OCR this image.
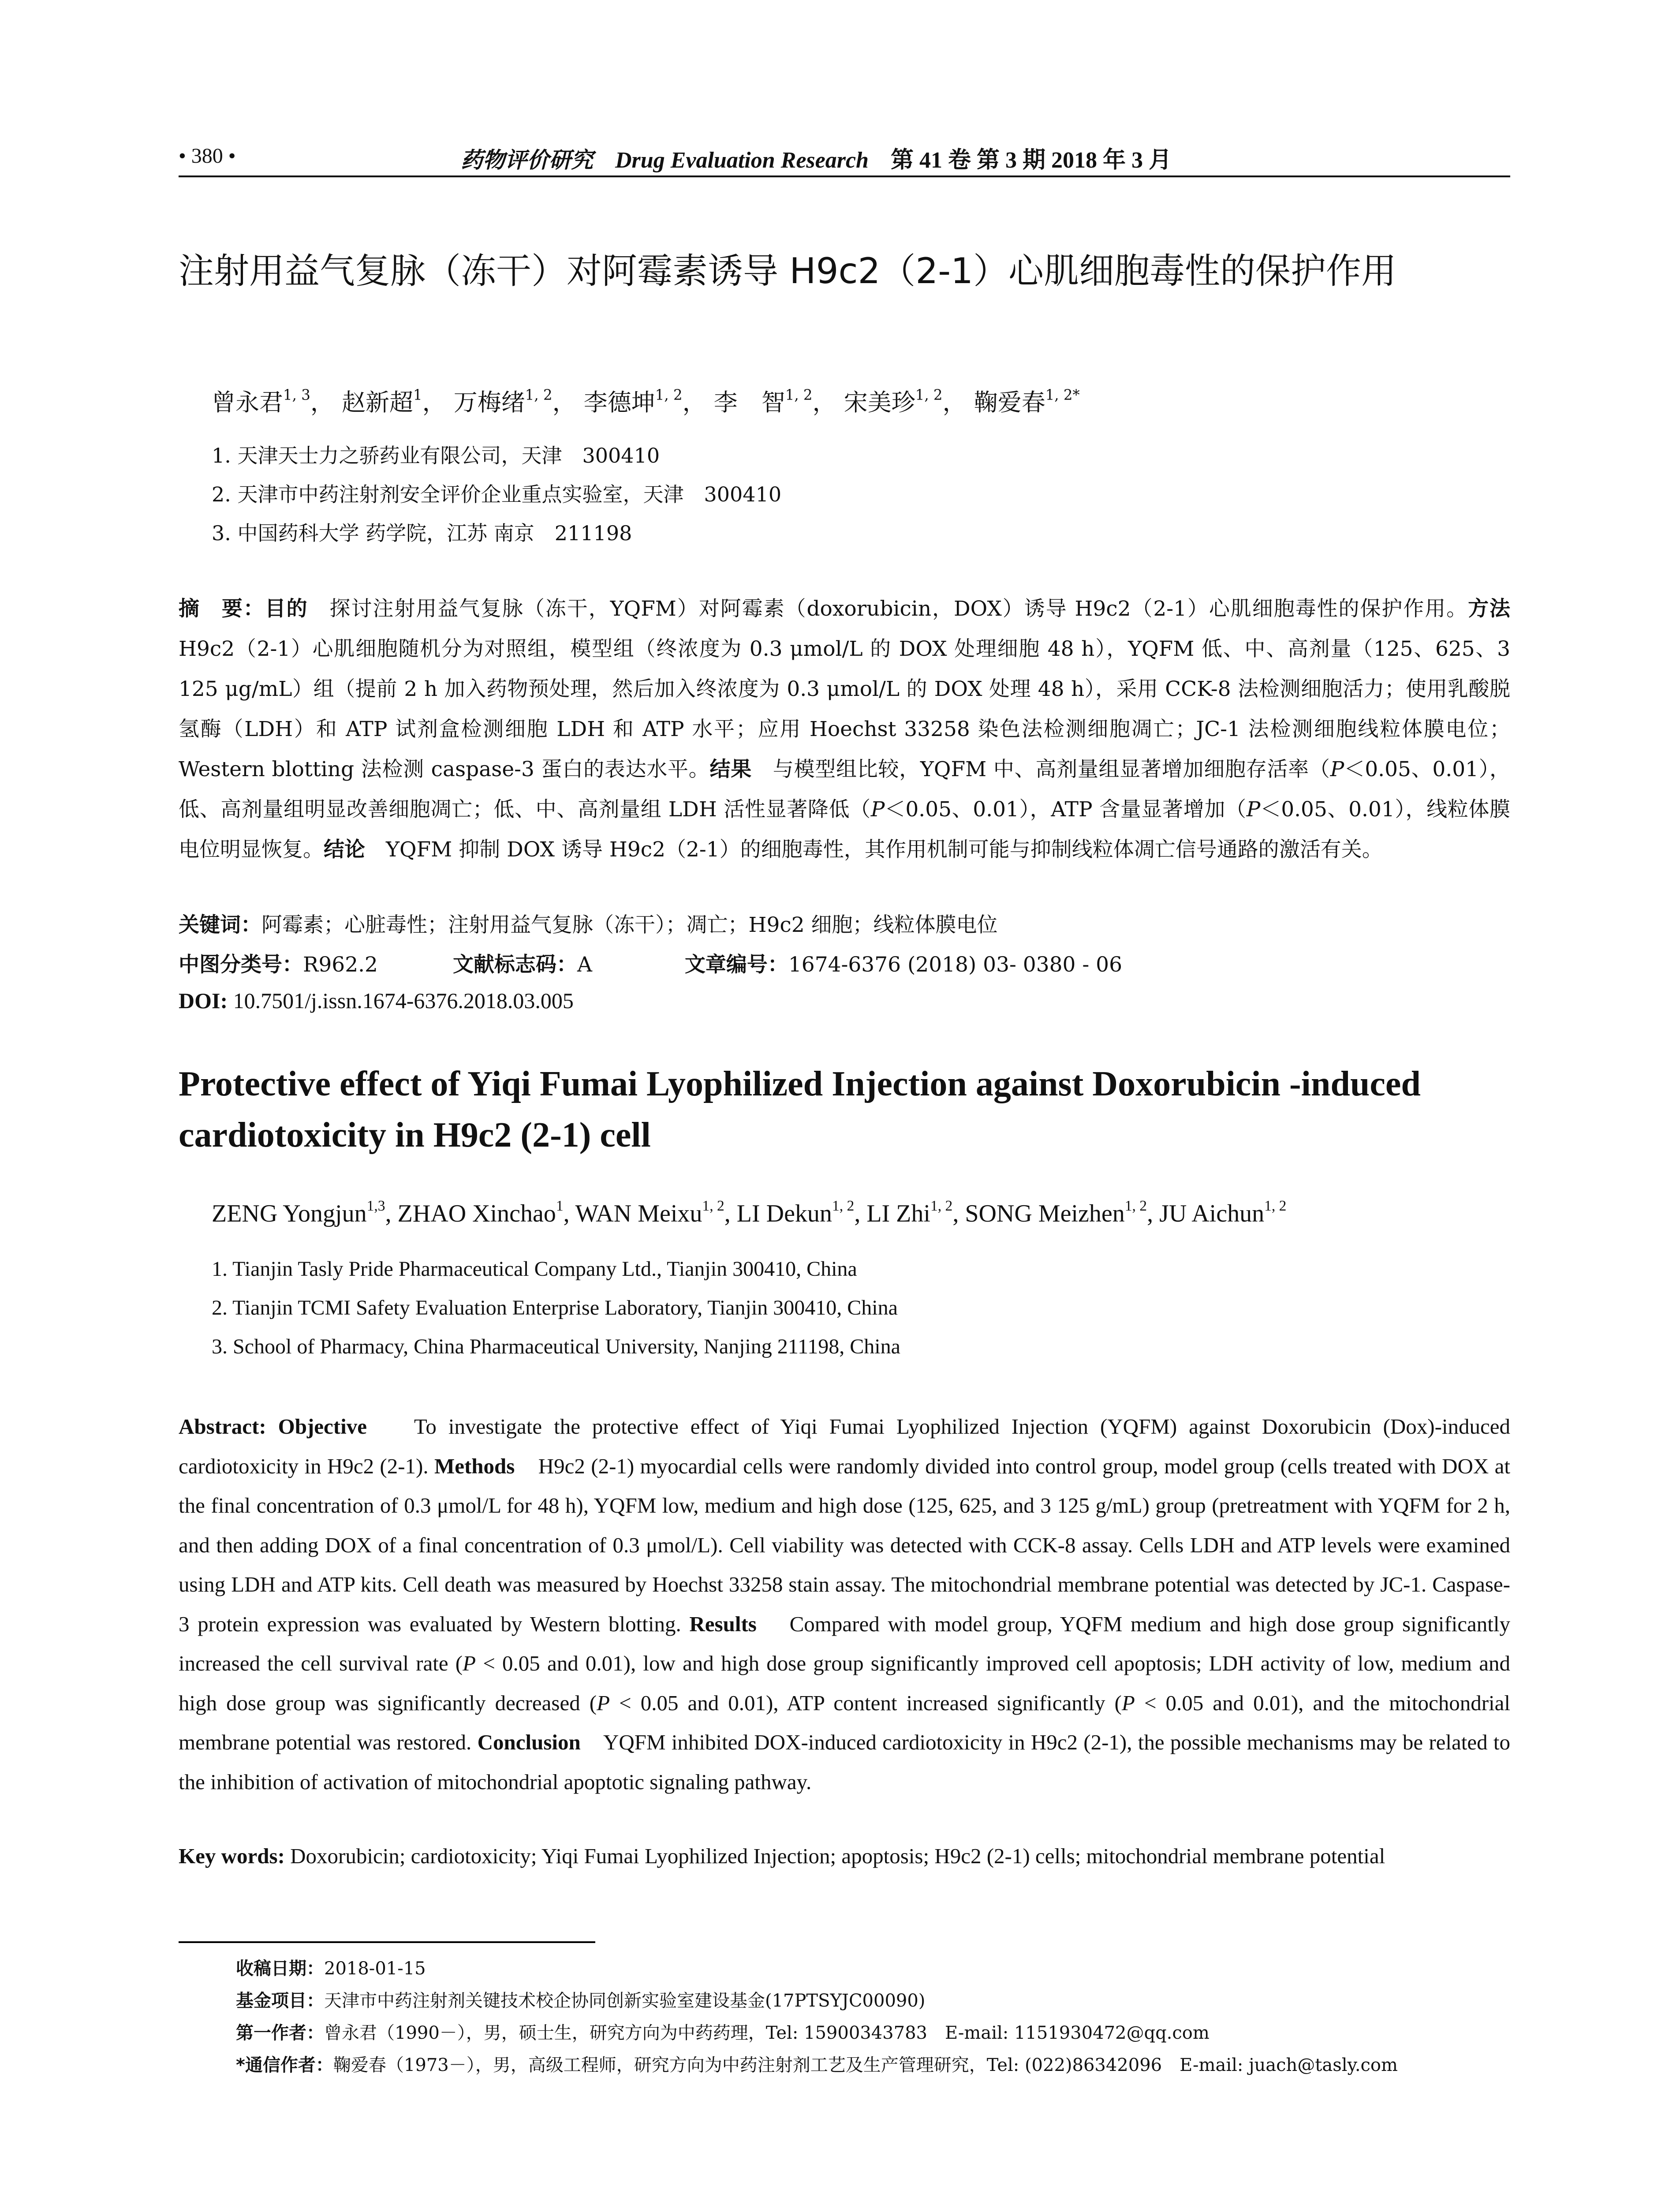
• 380 •	药物评价研究 Drug Evaluation Research 第 41 卷 第 3 期 2018 年 3 月
注射用益气复脉（冻干）对阿霉素诱导 H9c2（2-1）心肌细胞毒性的保护作用
曾永君$^{1, 3}$， 赵新超$^1$， 万梅绪$^{1, 2}$， 李德坤$^{1, 2}$， 李　智$^{1, 2}$， 宋美珍$^{1, 2}$， 鞠爱春$^{1, 2*}$
1. 天津天士力之骄药业有限公司，天津　300410
2. 天津市中药注射剂安全评价企业重点实验室，天津　300410
3. 中国药科大学 药学院，江苏 南京　211198
摘　要：目的　 探讨注射用益气复脉（冻干，YQFM）对阿霉素（doxorubicin，DOX）诱导 H9c2（2-1）心肌细胞毒性的保护作用。方法　H9c2（2-1）心肌细胞随机分为对照组，模型组（终浓度为 0.3 μmol/L 的 DOX 处理细胞 48 h），YQFM 低、中、高剂量（125、625、3 125 μg/mL）组（提前 2 h 加入药物预处理，然后加入终浓度为 0.3 μmol/L 的 DOX 处理 48 h），采用 CCK-8 法检测细胞活力；使用乳酸脱氢酶（LDH）和 ATP 试剂盒检测细胞 LDH 和 ATP 水平；应用 Hoechst 33258 染色法检测细胞凋亡；JC-1 法检测细胞线粒体膜电位；Western blotting 法检测 caspase-3 蛋白的表达水平。结果　 与模型组比较，YQFM 中、高剂量组显著增加细胞存活率（P＜0.05、0.01），低、高剂量组明显改善细胞凋亡；低、中、高剂量组 LDH 活性显著降低（P＜0.05、0.01），ATP 含量显著增加（P＜0.05、0.01），线粒体膜电位明显恢复。结论　 YQFM 抑制 DOX 诱导 H9c2（2-1）的细胞毒性，其作用机制可能与抑制线粒体凋亡信号通路的激活有关。
关键词：阿霉素；心脏毒性；注射用益气复脉（冻干）；凋亡；H9c2 细胞；线粒体膜电位
中图分类号：R962.2	文献标志码：A	文章编号：1674-6376 (2018) 03- 0380 - 06
DOI: 10.7501/j.issn.1674-6376.2018.03.005
Protective effect of Yiqi Fumai Lyophilized Injection against Doxorubicin -induced cardiotoxicity in H9c2 (2-1) cell
ZENG Yongjun$^{1,3}$, ZHAO Xinchao$^1$, WAN Meixu$^{1, 2}$, LI Dekun$^{1, 2}$, LI Zhi$^{1, 2}$, SONG Meizhen$^{1, 2}$, JU Aichun$^{1, 2}$
1. Tianjin Tasly Pride Pharmaceutical Company Ltd., Tianjin 300410, China
2. Tianjin TCMI Safety Evaluation Enterprise Laboratory, Tianjin 300410, China
3. School of Pharmacy, China Pharmaceutical University, Nanjing 211198, China
Abstract: Objective To investigate the protective effect of Yiqi Fumai Lyophilized Injection (YQFM) against Doxorubicin (Dox)-induced cardiotoxicity in H9c2 (2-1). Methods H9c2 (2-1) myocardial cells were randomly divided into control group, model group (cells treated with DOX at the final concentration of 0.3 μmol/L for 48 h), YQFM low, medium and high dose (125, 625, and 3 125 g/mL) group (pretreatment with YQFM for 2 h, and then adding DOX of a final concentration of 0.3 μmol/L). Cell viability was detected with CCK-8 assay. Cells LDH and ATP levels were examined using LDH and ATP kits. Cell death was measured by Hoechst 33258 stain assay. The mitochondrial membrane potential was detected by JC-1. Caspase-3 protein expression was evaluated by Western blotting. Results Compared with model group, YQFM medium and high dose group significantly increased the cell survival rate (P < 0.05 and 0.01), low and high dose group significantly improved cell apoptosis; LDH activity of low, medium and high dose group was significantly decreased (P < 0.05 and 0.01), ATP content increased significantly (P < 0.05 and 0.01), and the mitochondrial membrane potential was restored. Conclusion YQFM inhibited DOX-induced cardiotoxicity in H9c2 (2-1), the possible mechanisms may be related to the inhibition of activation of mitochondrial apoptotic signaling pathway.
Key words: Doxorubicin; cardiotoxicity; Yiqi Fumai Lyophilized Injection; apoptosis; H9c2 (2-1) cells; mitochondrial membrane potential
收稿日期：2018-01-15
基金项目：天津市中药注射剂关键技术校企协同创新实验室建设基金(17PTSYJC00090)
第一作者：曾永君（1990－），男，硕士生，研究方向为中药药理，Tel: 15900343783　E-mail: 1151930472@qq.com
*通信作者：鞠爱春（1973－），男，高级工程师，研究方向为中药注射剂工艺及生产管理研究，Tel: (022)86342096　E-mail: juach@tasly.com
